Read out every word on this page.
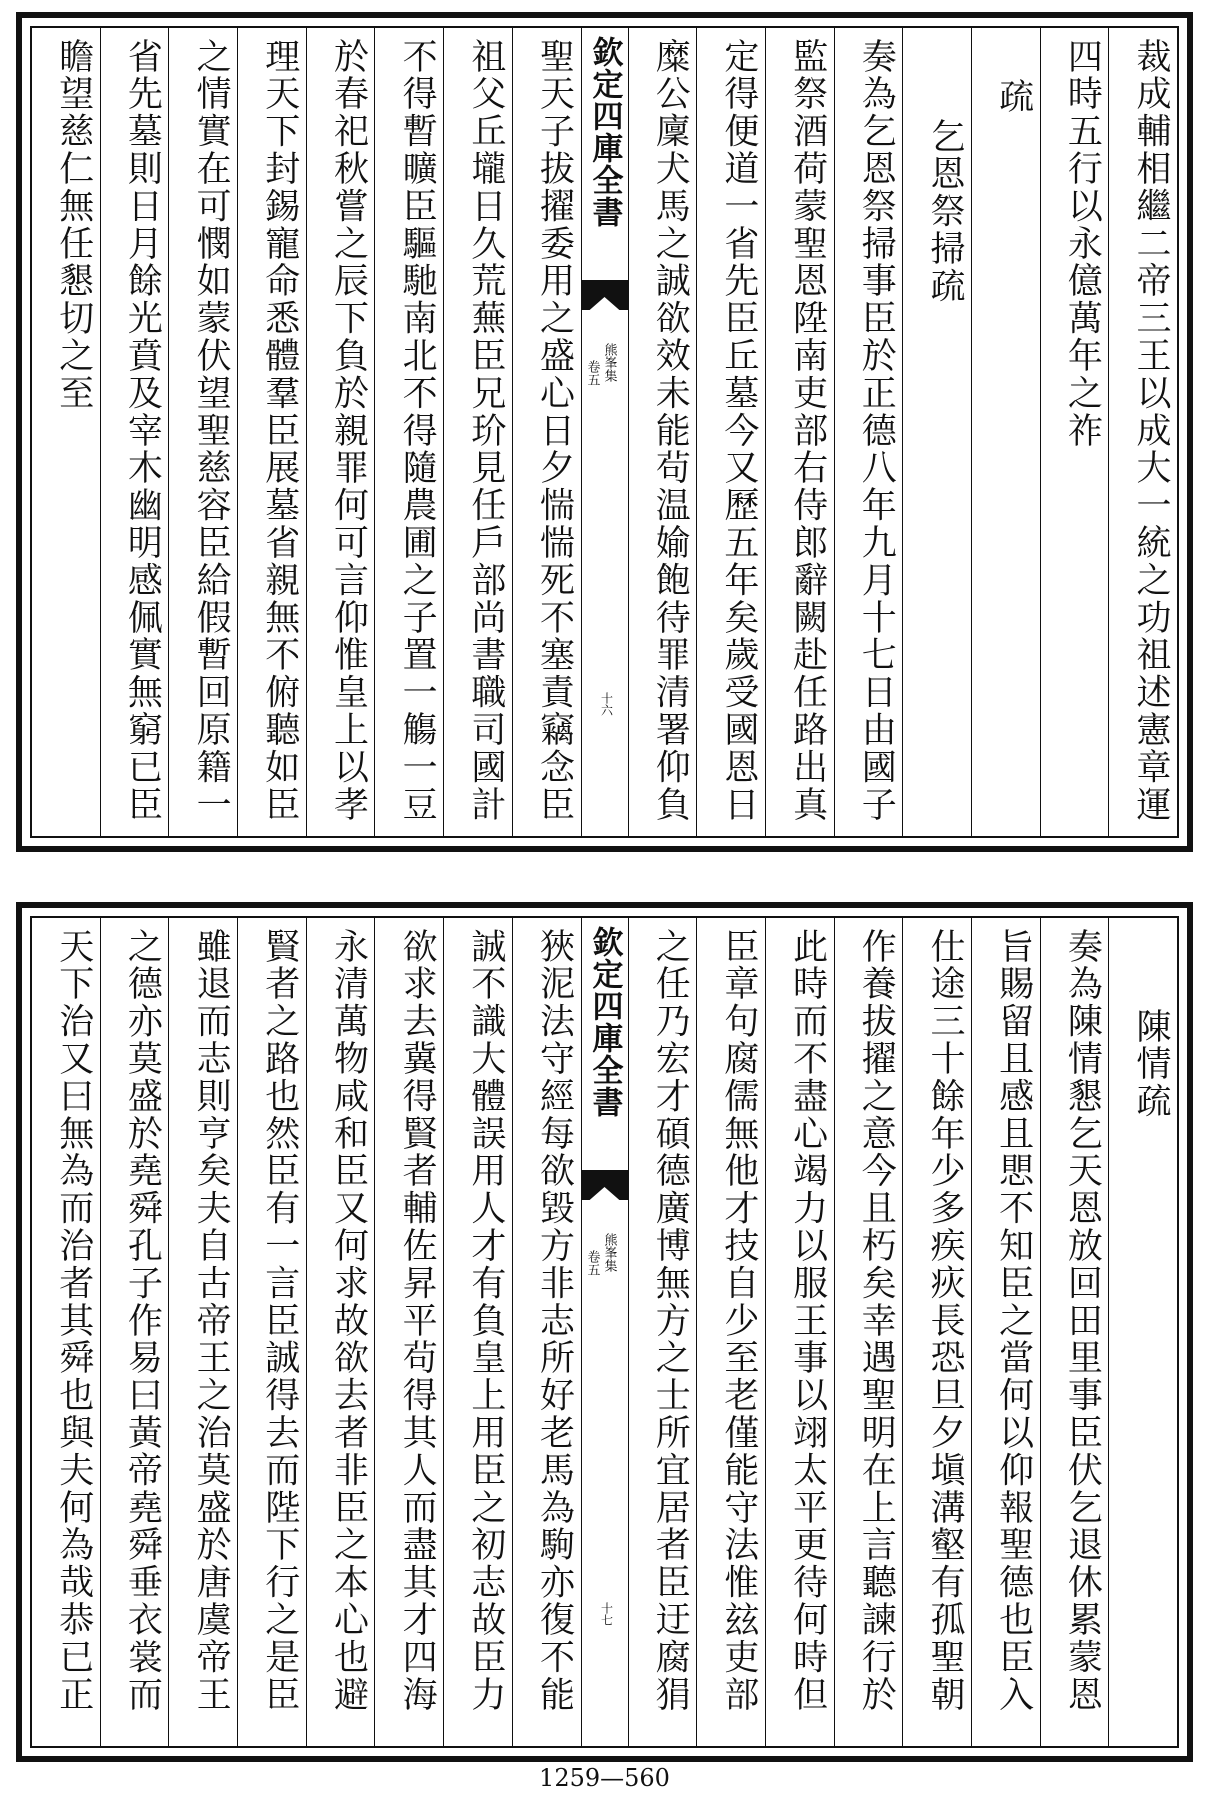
裁成輔相繼二帝三王以成大一統之功祖述憲章運
四時五行以永億萬年之祚
疏
乞恩祭掃疏
奏為乞恩祭掃事臣於正德八年九月十七日由國子
監祭酒荷蒙聖恩陞南吏部右侍郎辭闕赴任路出真
定得便道一省先臣丘墓今又歷五年矣歲受國恩日
糜公廩犬馬之誠欲效未能茍温媮飽待罪清署仰負
欽定四庫全書
熊峯集
卷五
十六
聖天子拔擢委用之盛心日夕惴惴死不塞責竊念臣
祖父丘壠日久荒蕪臣兄玠見任戶部尚書職司國計
不得暫曠臣驅馳南北不得隨農圃之子置一觴一豆
於春祀秋嘗之辰下負於親罪何可言仰惟皇上以孝
理天下封錫寵命悉體羣臣展墓省親無不俯聽如臣
之情實在可憫如蒙伏望聖慈容臣給假暫回原籍一
省先墓則日月餘光賁及宰木幽明感佩實無窮已臣
瞻望慈仁無任懇切之至
陳情疏
奏為陳情懇乞天恩放回田里事臣伏乞退休累蒙恩
旨賜留且感且愳不知臣之當何以仰報聖德也臣入
仕途三十餘年少多疾疢長恐旦夕塡溝壑有孤聖朝
作養拔擢之意今且朽矣幸遇聖明在上言聽諫行於
此時而不盡心竭力以服王事以翊太平更待何時但
臣章句腐儒無他才技自少至老僅能守法惟玆吏部
之任乃宏才碩德廣博無方之士所宜居者臣迂腐狷
欽定四庫全書
熊峯集
卷五
十七
狹泥法守經每欲毀方非志所好老馬為駒亦復不能
誠不識大體誤用人才有負皇上用臣之初志故臣力
欲求去冀得賢者輔佐昇平茍得其人而盡其才四海
永清萬物咸和臣又何求故欲去者非臣之本心也避
賢者之路也然臣有一言臣誠得去而陛下行之是臣
雖退而志則亨矣夫自古帝王之治莫盛於唐虞帝王
之德亦莫盛於堯舜孔子作易曰黃帝堯舜垂衣裳而
天下治又曰無為而治者其舜也與夫何為哉恭已正
1259—560
